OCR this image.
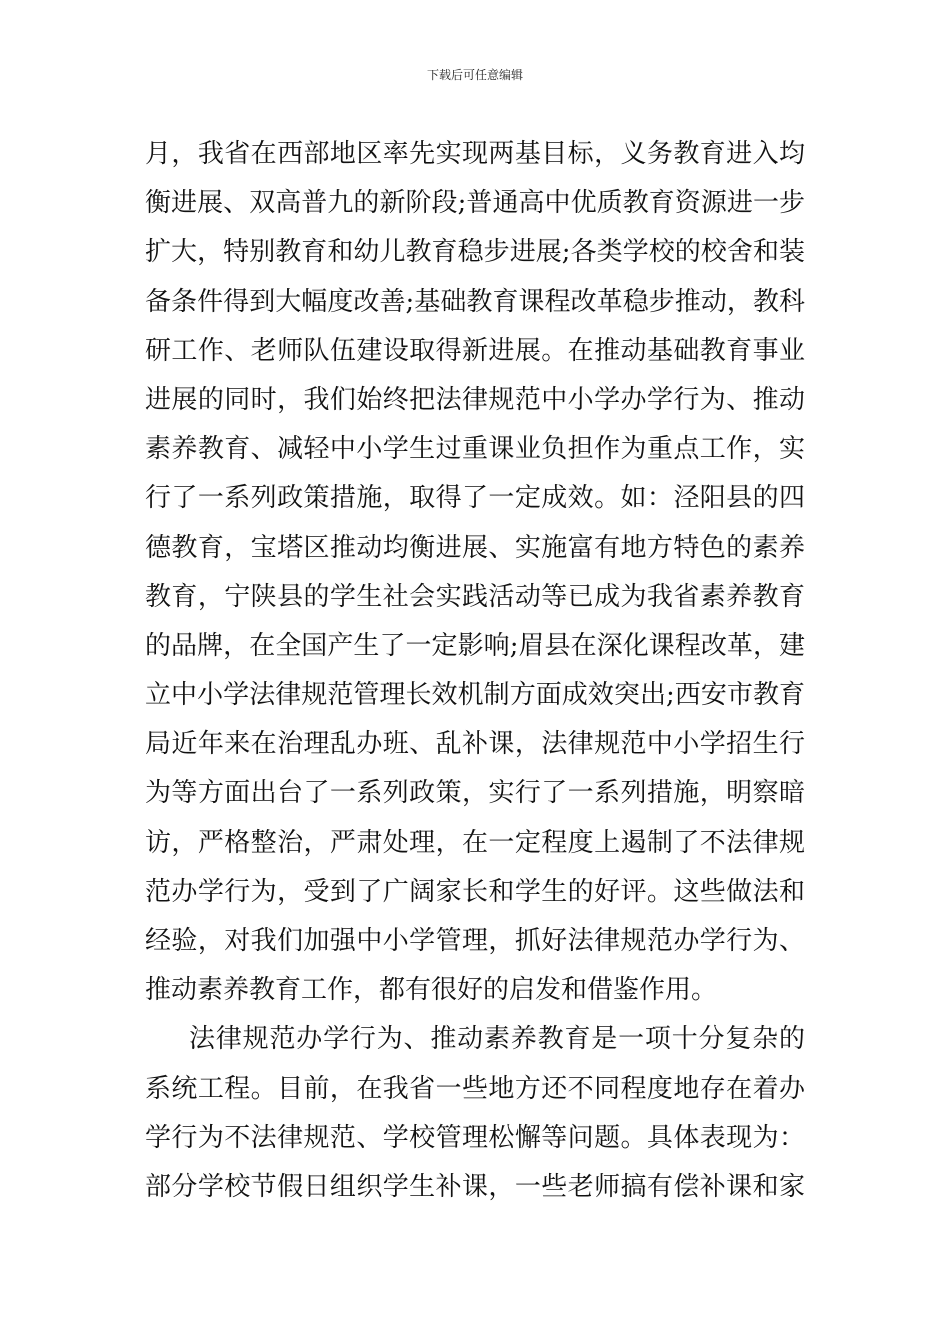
下载后可任意编辑
月，我省在西部地区率先实现两基目标，义务教育进入均
衡进展、双高普九的新阶段;普通高中优质教育资源进一步
扩大，特别教育和幼儿教育稳步进展;各类学校的校舍和装
备条件得到大幅度改善;基础教育课程改革稳步推动，教科
研工作、老师队伍建设取得新进展。在推动基础教育事业
进展的同时，我们始终把法律规范中小学办学行为、推动
素养教育、减轻中小学生过重课业负担作为重点工作，实
行了一系列政策措施，取得了一定成效。如：泾阳县的四
德教育，宝塔区推动均衡进展、实施富有地方特色的素养
教育，宁陕县的学生社会实践活动等已成为我省素养教育
的品牌，在全国产生了一定影响;眉县在深化课程改革，建
立中小学法律规范管理长效机制方面成效突出;西安市教育
局近年来在治理乱办班、乱补课，法律规范中小学招生行
为等方面出台了一系列政策，实行了一系列措施，明察暗
访，严格整治，严肃处理，在一定程度上遏制了不法律规
范办学行为，受到了广阔家长和学生的好评。这些做法和
经验，对我们加强中小学管理，抓好法律规范办学行为、
推动素养教育工作，都有很好的启发和借鉴作用。
法律规范办学行为、推动素养教育是一项十分复杂的
系统工程。目前，在我省一些地方还不同程度地存在着办
学行为不法律规范、学校管理松懈等问题。具体表现为：
部分学校节假日组织学生补课，一些老师搞有偿补课和家
